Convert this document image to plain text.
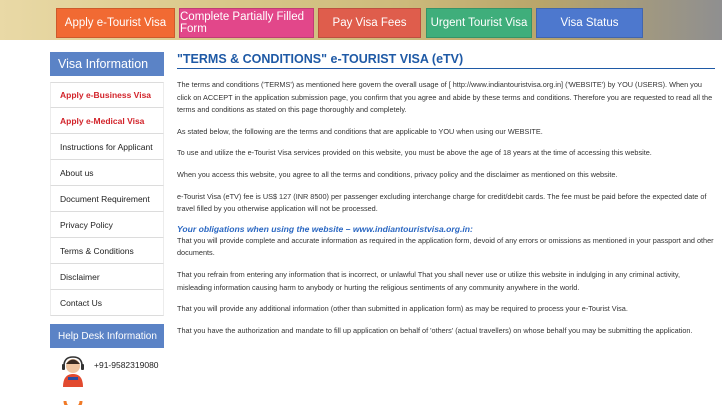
Apply e-Tourist Visa	Complete Partially Filled Form	Pay Visa Fees	Urgent Tourist Visa	Visa Status
Visa Information
Apply e-Business Visa
Apply e-Medical Visa
Instructions for Applicant
About us
Document Requirement
Privacy Policy
Terms & Conditions
Disclaimer
Contact Us
Help Desk Information
+91-9582319080
"TERMS & CONDITIONS" e-TOURIST VISA (eTV)

The terms and conditions ('TERMS') as mentioned here govern the overall usage of [ http://www.indiantouristvisa.org.in] ('WEBSITE') by YOU (USERS). When you click on ACCEPT in the application submission page, you confirm that you agree and abide by these terms and conditions. Therefore you are requested to read all the terms and conditions as stated on this page thoroughly and completely.

As stated below, the following are the terms and conditions that are applicable to YOU when using our WEBSITE.

To use and utilize the e-Tourist Visa services provided on this website, you must be above the age of 18 years at the time of accessing this website.

When you access this website, you agree to all the terms and conditions, privacy policy and the disclaimer as mentioned on this website.

e-Tourist Visa (eTV) fee is US$ 127 (INR 8500) per passenger excluding interchange charge for credit/debit cards. The fee must be paid before the expected date of travel filled by you otherwise application will not be processed.

Your obligations when using the website – www.indiantouristvisa.org.in:

That you will provide complete and accurate information as required in the application form, devoid of any errors or omissions as mentioned in your passport and other documents.

That you refrain from entering any information that is incorrect, or unlawful That you shall never use or utilize this website in indulging in any criminal activity, misleading information causing harm to anybody or hurting the religious sentiments of any community anywhere in the world.

That you will provide any additional information (other than submitted in application form) as may be required to process your e-Tourist Visa.

That you have the authorization and mandate to fill up application on behalf of 'others' (actual travellers) on whose behalf you may be submitting the application.
